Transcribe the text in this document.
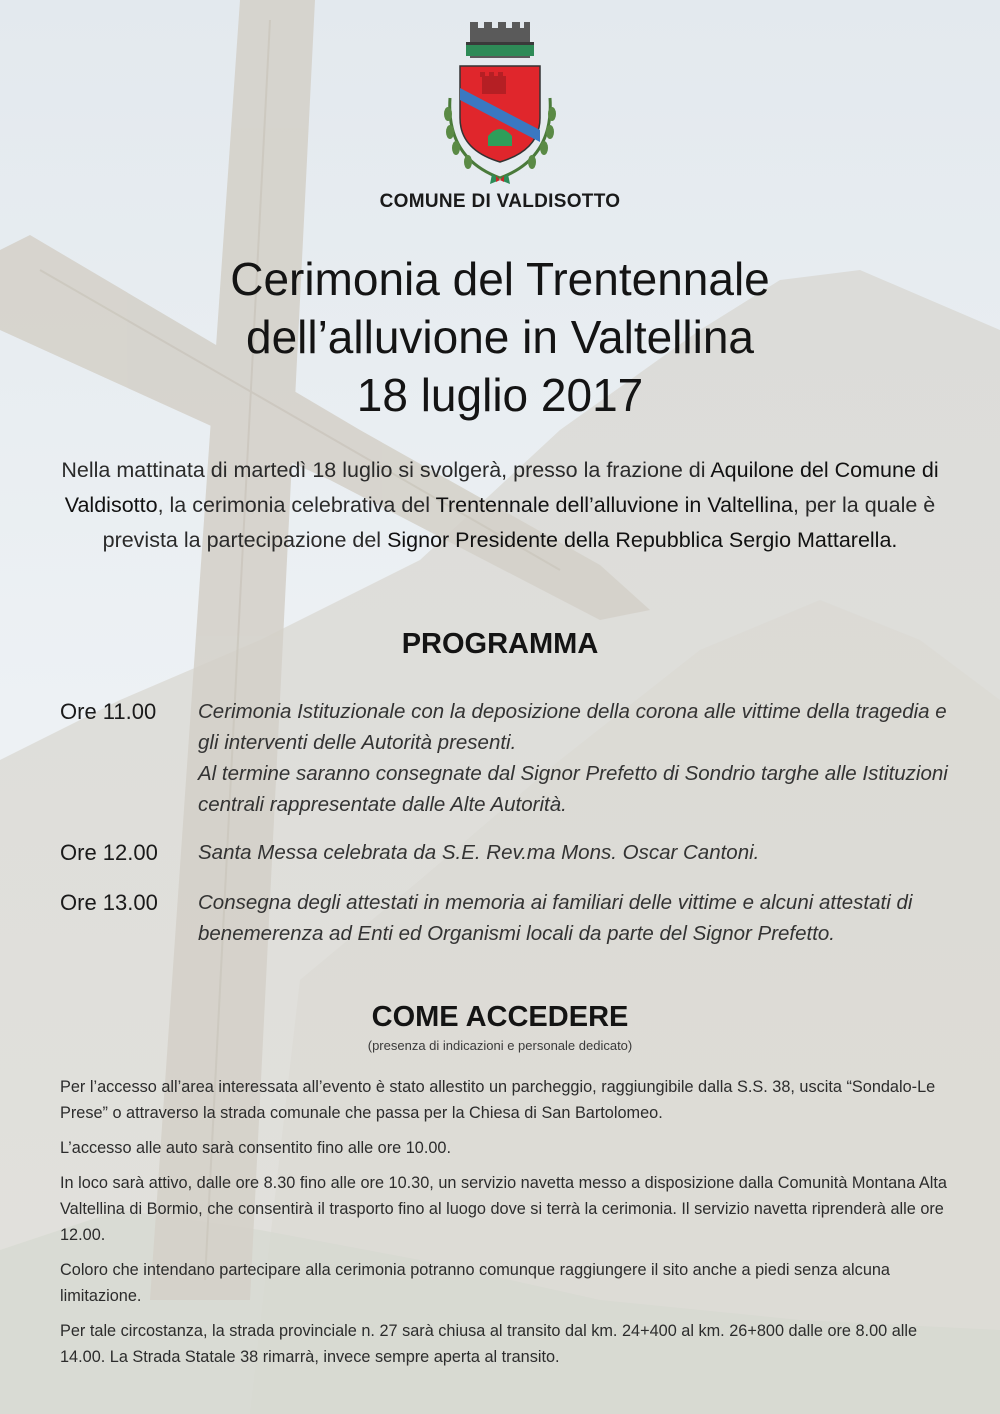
COMUNE DI VALDISOTTO
Cerimonia del Trentennale
dell’alluvione in Valtellina
18 luglio 2017
Nella mattinata di martedì 18 luglio si svolgerà, presso la frazione di Aquilone del Comune di Valdisotto, la cerimonia celebrativa del Trentennale dell’alluvione in Valtellina, per la quale è prevista la partecipazione del Signor Presidente della Repubblica Sergio Mattarella.
PROGRAMMA
Ore 11.00 Cerimonia Istituzionale con la deposizione della corona alle vittime della tragedia e gli interventi delle Autorità presenti.
Al termine saranno consegnate dal Signor Prefetto di Sondrio targhe alle Istituzioni centrali rappresentate dalle Alte Autorità.
Ore 12.00 Santa Messa celebrata da S.E. Rev.ma Mons. Oscar Cantoni.
Ore 13.00 Consegna degli attestati in memoria ai familiari delle vittime e alcuni attestati di benemerenza ad Enti ed Organismi locali da parte del Signor Prefetto.
COME ACCEDERE
(presenza di indicazioni e personale dedicato)

Per l’accesso all’area interessata all’evento è stato allestito un parcheggio, raggiungibile dalla S.S. 38, uscita “Sondalo-Le Prese” o attraverso la strada comunale che passa per la Chiesa di San Bartolomeo.

L’accesso alle auto sarà consentito fino alle ore 10.00.

In loco sarà attivo, dalle ore 8.30 fino alle ore 10.30, un servizio navetta messo a disposizione dalla Comunità Montana Alta Valtellina di Bormio, che consentirà il trasporto fino al luogo dove si terrà la cerimonia. Il servizio navetta riprenderà alle ore 12.00.

Coloro che intendano partecipare alla cerimonia potranno comunque raggiungere il sito anche a piedi senza alcuna limitazione.

Per tale circostanza, la strada provinciale n. 27 sarà chiusa al transito dal km. 24+400 al km. 26+800 dalle ore 8.00 alle 14.00. La Strada Statale 38 rimarrà, invece sempre aperta al transito.
